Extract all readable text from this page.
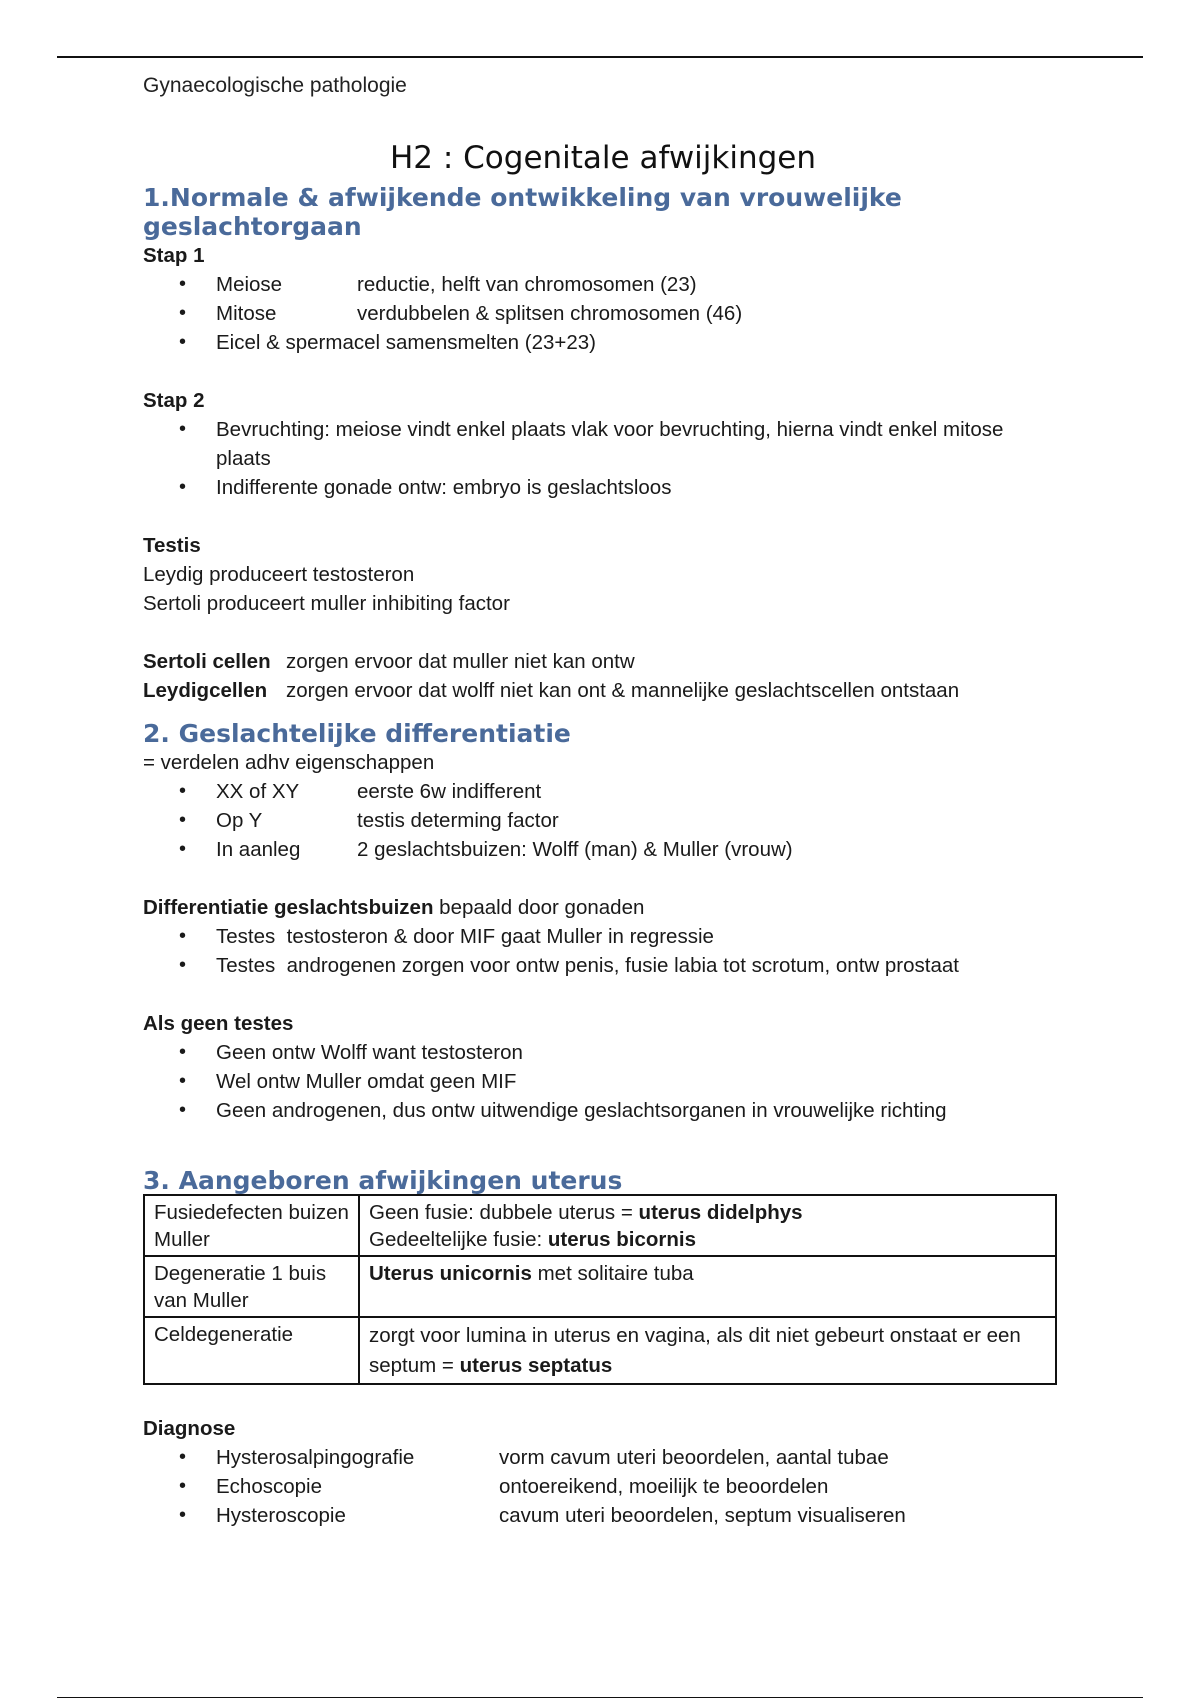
Gynaecologische pathologie
H2 : Cogenitale afwijkingen
1.Normale & afwijkende ontwikkeling van vrouwelijke geslachtorgaan
Stap 1
• Meiose	reductie, helft van chromosomen (23)
• Mitose	verdubbelen & splitsen chromosomen (46)
• Eicel & spermacel samensmelten (23+23)
Stap 2
• Bevruchting: meiose vindt enkel plaats vlak voor bevruchting, hierna vindt enkel mitose plaats
• Indifferente gonade ontw: embryo is geslachtsloos
Testis
Leydig produceert testosteron
Sertoli produceert muller inhibiting factor
Sertoli cellen zorgen ervoor dat muller niet kan ontw
Leydigcellen zorgen ervoor dat wolff niet kan ont & mannelijke geslachtscellen ontstaan
2. Geslachtelijke differentiatie
= verdelen adhv eigenschappen
• XX of XY	eerste 6w indifferent
• Op Y	testis determing factor
• In aanleg	2 geslachtsbuizen: Wolff (man) & Muller (vrouw)
Differentiatie geslachtsbuizen bepaald door gonaden
• Testes  testosteron & door MIF gaat Muller in regressie
• Testes  androgenen zorgen voor ontw penis, fusie labia tot scrotum, ontw prostaat
Als geen testes
• Geen ontw Wolff want testosteron
• Wel ontw Muller omdat geen MIF
• Geen androgenen, dus ontw uitwendige geslachtsorganen in vrouwelijke richting
3. Aangeboren afwijkingen uterus
Fusiedefecten buizen Muller	Geen fusie: dubbele uterus = uterus didelphys
Gedeeltelijke fusie: uterus bicornis

Degeneratie 1 buis van Muller	Uterus unicornis met solitaire tuba
Celdegeneratie	zorgt voor lumina in uterus en vagina, als dit niet gebeurt onstaat er een septum = uterus septatus
Diagnose
• Hysterosalpingografie	vorm cavum uteri beoordelen, aantal tubae
• Echoscopie	ontoereikend, moeilijk te beoordelen
• Hysteroscopie	cavum uteri beoordelen, septum visualiseren
